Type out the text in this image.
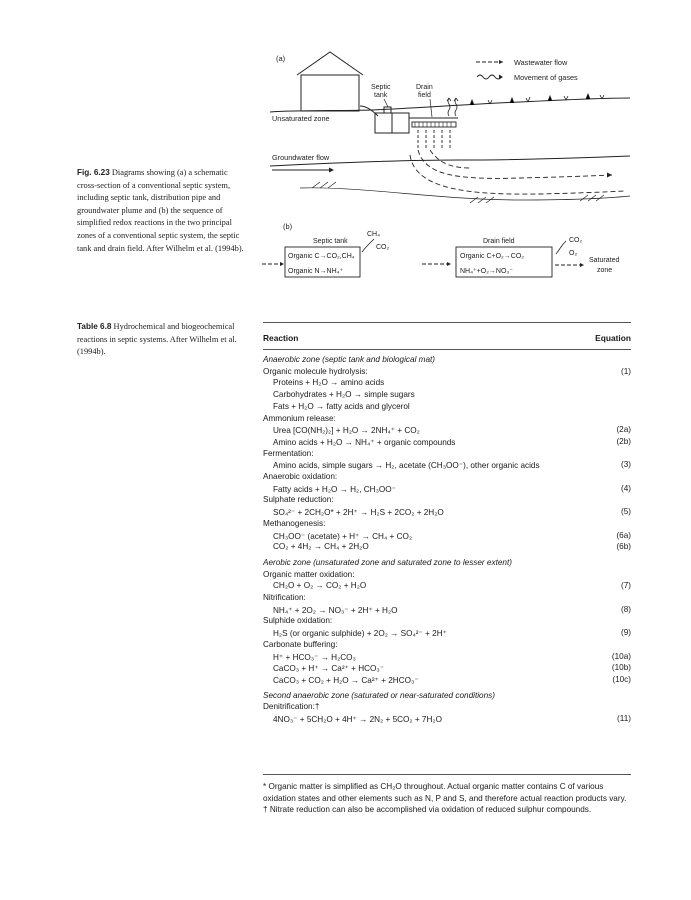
(a)
(b)
Wastewater flow
Movement of gases
Septic
tank
Drain
field
Unsaturated zone
Groundwater flow
Septic tank
Organic C→CO₂,CH₄
Organic N→NH₄⁺
CH₄
CO₂
Drain field
Organic C+O₂→CO₂
NH₄⁺+O₂→NO₃⁻
CO₂
O₂
Saturated
zone
Fig. 6.23 Diagrams showing (a) a schematic cross-section of a conventional septic system, including septic tank, distribution pipe and groundwater plume and (b) the sequence of simplified redox reactions in the two principal zones of a conventional septic system, the septic tank and drain field. After Wilhelm et al. (1994b).
Table 6.8 Hydrochemical and biogeochemical reactions in septic systems. After Wilhelm et al. (1994b).
Reaction	Equation
Anaerobic zone (septic tank and biological mat)
Organic molecule hydrolysis:	(1)
Proteins + H₂O → amino acids
Carbohydrates + H₂O → simple sugars
Fats + H₂O → fatty acids and glycerol
Ammonium release:
Urea [CO(NH₂)₂] + H₂O → 2NH₄⁺ + CO₂	(2a)
Amino acids + H₂O → NH₄⁺ + organic compounds	(2b)
Fermentation:
Amino acids, simple sugars → H₂, acetate (CH₃OO⁻), other organic acids	(3)
Anaerobic oxidation:
Fatty acids + H₂O → H₂, CH₃OO⁻	(4)
Sulphate reduction:
SO₄²⁻ + 2CH₂O* + 2H⁺ → H₂S + 2CO₂ + 2H₂O	(5)
Methanogenesis:
CH₃OO⁻ (acetate) + H⁺ → CH₄ + CO₂	(6a)
CO₂ + 4H₂ → CH₄ + 2H₂O	(6b)
Aerobic zone (unsaturated zone and saturated zone to lesser extent)
Organic matter oxidation:
CH₂O + O₂ → CO₂ + H₂O	(7)
Nitrification:
NH₄⁺ + 2O₂ → NO₃⁻ + 2H⁺ + H₂O	(8)
Sulphide oxidation:
H₂S (or organic sulphide) + 2O₂ → SO₄²⁻ + 2H⁺	(9)
Carbonate buffering:
H⁺ + HCO₃⁻ → H₂CO₃	(10a)
CaCO₃ + H⁺ → Ca²⁺ + HCO₃⁻	(10b)
CaCO₃ + CO₂ + H₂O → Ca²⁺ + 2HCO₃⁻	(10c)
Second anaerobic zone (saturated or near-saturated conditions)
Denitrification:†
4NO₃⁻ + 5CH₂O + 4H⁺ → 2N₂ + 5CO₂ + 7H₂O	(11)
* Organic matter is simplified as CH₂O throughout. Actual organic matter contains C of various oxidation states and other elements such as N, P and S, and therefore actual reaction products vary.
† Nitrate reduction can also be accomplished via oxidation of reduced sulphur compounds.
